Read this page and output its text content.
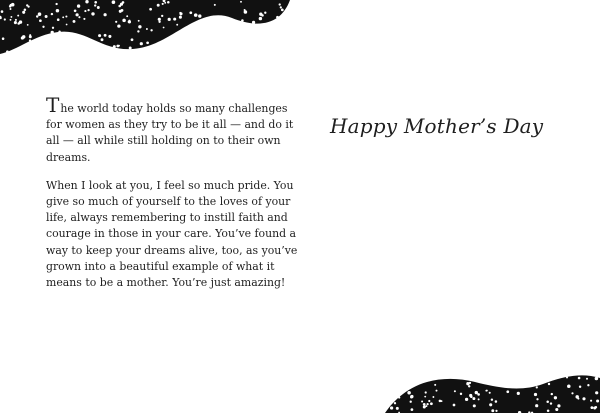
The world today holds so many challenges for women as they try to be it all — and do it all — all while still holding on to their own dreams.

When I look at you, I feel so much pride. You give so much of yourself to the loves of your life, always remembering to instill faith and courage in those in your care. You’ve found a way to keep your dreams alive, too, as you’ve grown into a beautiful example of what it means to be a mother. You’re just amazing!

Happy Mother’s Day
